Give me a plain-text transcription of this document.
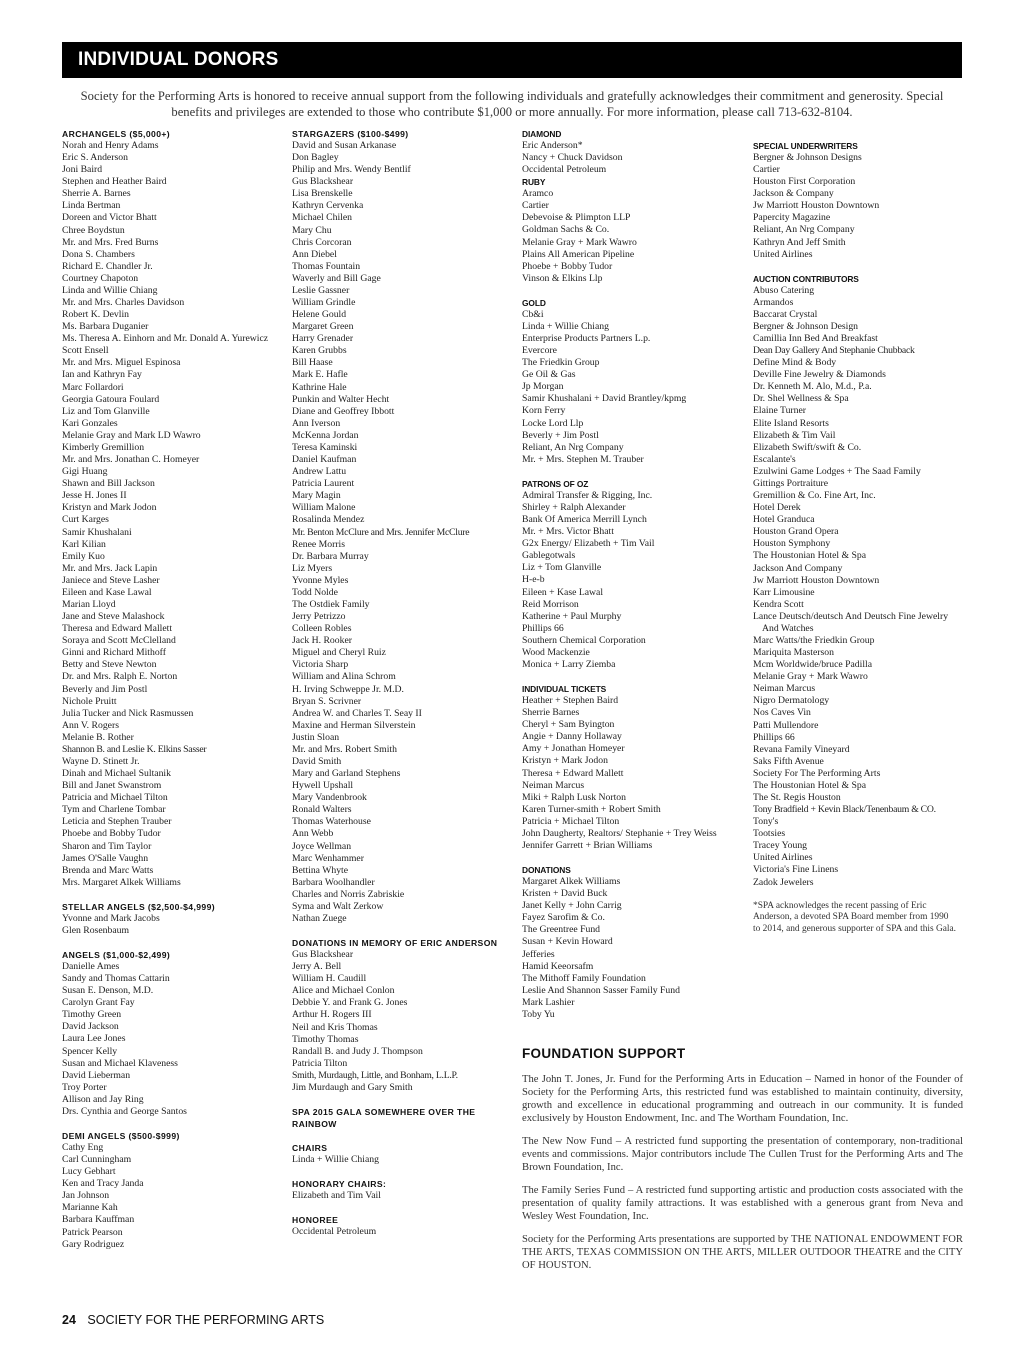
INDIVIDUAL DONORS
Society for the Performing Arts is honored to receive annual support from the following individuals and gratefully acknowledges their commitment and generosity. Special benefits and privileges are extended to those who contribute $1,000 or more annually. For more information, please call 713-632-8104.
ARCHANGELS ($5,000+)
Norah and Henry Adams
Eric S. Anderson
Joni Baird
Stephen and Heather Baird
Sherrie A. Barnes
Linda Bertman
Doreen and Victor Bhatt
Chree Boydstun
Mr. and Mrs. Fred Burns
Dona S. Chambers
Richard E. Chandler Jr.
Courtney Chapoton
Linda and Willie Chiang
Mr. and Mrs. Charles Davidson
Robert K. Devlin
Ms. Barbara Duganier
Ms. Theresa A. Einhorn and Mr. Donald A. Yurewicz
Scott Ensell
Mr. and Mrs. Miguel Espinosa
Ian and Kathryn Fay
Marc Follardori
Georgia Gatoura Foulard
Liz and Tom Glanville
Kari Gonzales
Melanie Gray and Mark LD Wawro
Kimberly Gremillion
Mr. and Mrs. Jonathan C. Homeyer
Gigi Huang
Shawn and Bill Jackson
Jesse H. Jones II
Kristyn and Mark Jodon
Curt Karges
Samir Khushalani
Karl Kilian
Emily Kuo
Mr. and Mrs. Jack Lapin
Janiece and Steve Lasher
Eileen and Kase Lawal
Marian Lloyd
Jane and Steve Malashock
Theresa and Edward Mallett
Soraya and Scott McClelland
Ginni and Richard Mithoff
Betty and Steve Newton
Dr. and Mrs. Ralph E. Norton
Beverly and Jim Postl
Nichole Pruitt
Julia Tucker and Nick Rasmussen
Ann V. Rogers
Melanie B. Rother
Shannon B. and Leslie K. Elkins Sasser
Wayne D. Stinett Jr.
Dinah and Michael Sultanik
Bill and Janet Swanstrom
Patricia and Michael Tilton
Tym and Charlene Tombar
Leticia and Stephen Trauber
Phoebe and Bobby Tudor
Sharon and Tim Taylor
James O'Salle Vaughn
Brenda and Marc Watts
Mrs. Margaret Alkek Williams
STELLAR ANGELS ($2,500-$4,999)
Yvonne and Mark Jacobs
Glen Rosenbaum
ANGELS ($1,000-$2,499)
Danielle Ames
Sandy and Thomas Cattarin
Susan E. Denson, M.D.
Carolyn Grant Fay
Timothy Green
David Jackson
Laura Lee Jones
Spencer Kelly
Susan and Michael Klaveness
David Lieberman
Troy Porter
Allison and Jay Ring
Drs. Cynthia and George Santos
DEMI ANGELS ($500-$999)
Cathy Eng
Carl Cunningham
Lucy Gebhart
Ken and Tracy Janda
Jan Johnson
Marianne Kah
Barbara Kauffman
Patrick Pearson
Gary Rodriguez
STARGAZERS ($100-$499)
David and Susan Arkanase
Don Bagley
Philip and Mrs. Wendy Bentlif
Gus Blackshear
Lisa Brenskelle
Kathryn Cervenka
Michael Chilen
Mary Chu
Chris Corcoran
Ann Diebel
Thomas Fountain
Waverly and Bill Gage
Leslie Gassner
William Grindle
Helene Gould
Margaret Green
Harry Grenader
Karen Grubbs
Bill Haase
Mark E. Hafle
Kathrine Hale
Punkin and Walter Hecht
Diane and Geoffrey Ibbott
Ann Iverson
McKenna Jordan
Teresa Kaminski
Daniel Kaufman
Andrew Lattu
Patricia Laurent
Mary Magin
William Malone
Rosalinda Mendez
Mr. Benton McClure and Mrs. Jennifer McClure
Renee Morris
Dr. Barbara Murray
Liz Myers
Yvonne Myles
Todd Nolde
The Ostdiek Family
Jerry Petrizzo
Colleen Robles
Jack H. Rooker
Miguel and Cheryl Ruiz
Victoria Sharp
William and Alina Schrom
H. Irving Schweppe Jr. M.D.
Bryan S. Scrivner
Andrea W. and Charles T. Seay II
Maxine and Herman Silverstein
Justin Sloan
Mr. and Mrs. Robert Smith
David Smith
Mary and Garland Stephens
Hywell Upshall
Mary Vandenbrook
Ronald Walters
Thomas Waterhouse
Ann Webb
Joyce Wellman
Marc Wenhammer
Bettina Whyte
Barbara Woolhandler
Charles and Norris Zabriskie
Syma and Walt Zerkow
Nathan Zuege
DONATIONS IN MEMORY OF ERIC ANDERSON
Gus Blackshear
Jerry A. Bell
William H. Caudill
Alice and Michael Conlon
Debbie Y. and Frank G. Jones
Arthur H. Rogers III
Neil and Kris Thomas
Timothy Thomas
Randall B. and Judy J. Thompson
Patricia Tilton
Smith, Murdaugh, Little, and Bonham, L.L.P.
Jim Murdaugh and Gary Smith
SPA 2015 GALA SOMEWHERE OVER THE RAINBOW
CHAIRS
Linda + Willie Chiang
HONORARY CHAIRS:
Elizabeth and Tim Vail
HONOREE
Occidental Petroleum
DIAMOND
Eric Anderson*
Nancy + Chuck Davidson
Occidental Petroleum
RUBY
Aramco
Cartier
Debevoise & Plimpton LLP
Goldman Sachs & Co.
Melanie Gray + Mark Wawro
Plains All American Pipeline
Phoebe + Bobby Tudor
Vinson & Elkins Llp
GOLD
Cb&i
Linda + Willie Chiang
Enterprise Products Partners L.p.
Evercore
The Friedkin Group
Ge Oil & Gas
Jp Morgan
Samir Khushalani + David Brantley/kpmg
Korn Ferry
Locke Lord Llp
Beverly + Jim Postl
Reliant, An Nrg Company
Mr. + Mrs. Stephen M. Trauber
PATRONS OF OZ
Admiral Transfer & Rigging, Inc.
Shirley + Ralph Alexander
Bank Of America Merrill Lynch
Mr. + Mrs. Victor Bhatt
G2x Energy/ Elizabeth + Tim Vail
Gablegotwals
Liz + Tom Glanville
H-e-b
Eileen + Kase Lawal
Reid Morrison
Katherine + Paul Murphy
Phillips 66
Southern Chemical Corporation
Wood Mackenzie
Monica + Larry Ziemba
INDIVIDUAL TICKETS
Heather + Stephen Baird
Sherrie Barnes
Cheryl + Sam Byington
Angie + Danny Hollaway
Amy + Jonathan Homeyer
Kristyn + Mark Jodon
Theresa + Edward Mallett
Neiman Marcus
Miki + Ralph Lusk Norton
Karen Turner-smith + Robert Smith
Patricia + Michael Tilton
John Daugherty, Realtors/ Stephanie + Trey Weiss
Jennifer Garrett + Brian Williams
DONATIONS
Margaret Alkek Williams
Kristen + David Buck
Janet Kelly + John Carrig
Fayez Sarofim & Co.
The Greentree Fund
Susan + Kevin Howard
Jefferies
Hamid Keeorsafm
The Mithoff Family Foundation
Leslie And Shannon Sasser Family Fund
Mark Lashier
Toby Yu
SPECIAL UNDERWRITERS
Bergner & Johnson Designs
Cartier
Houston First Corporation
Jackson & Company
Jw Marriott Houston Downtown
Papercity Magazine
Reliant, An Nrg Company
Kathryn And Jeff Smith
United Airlines
AUCTION CONTRIBUTORS
Abuso Catering
Armandos
Baccarat Crystal
Bergner & Johnson Design
Camillia Inn Bed And Breakfast
Dean Day Gallery And Stephanie Chubback
Define Mind & Body
Deville Fine Jewelry & Diamonds
Dr. Kenneth M. Alo, M.d., P.a.
Dr. Shel Wellness & Spa
Elaine Turner
Elite Island Resorts
Elizabeth & Tim Vail
Elizabeth Swift/swift & Co.
Escalante's
Ezulwini Game Lodges + The Saad Family
Gittings Portraiture
Gremillion & Co. Fine Art, Inc.
Hotel Derek
Hotel Granduca
Houston Grand Opera
Houston Symphony
The Houstonian Hotel & Spa
Jackson And Company
Jw Marriott Houston Downtown
Karr Limousine
Kendra Scott
Lance Deutsch/deutsch And Deutsch Fine Jewelry And Watches
Marc Watts/the Friedkin Group
Mariquita Masterson
Mcm Worldwide/bruce Padilla
Melanie Gray + Mark Wawro
Neiman Marcus
Nigro Dermatology
Nos Caves Vin
Patti Mullendore
Phillips 66
Revana Family Vineyard
Saks Fifth Avenue
Society For The Performing Arts
The Houstonian Hotel & Spa
The St. Regis Houston
Tony Bradfield + Kevin Black/Tenenbaum & CO.
Tony's
Tootsies
Tracey Young
United Airlines
Victoria's Fine Linens
Zadok Jewelers
*SPA acknowledges the recent passing of Eric Anderson, a devoted SPA Board member from 1990 to 2014, and generous supporter of SPA and this Gala.
FOUNDATION SUPPORT

The John T. Jones, Jr. Fund for the Performing Arts in Education – Named in honor of the Founder of Society for the Performing Arts, this restricted fund was established to maintain continuity, diversity, growth and excellence in educational programming and outreach in our community. It is funded exclusively by Houston Endowment, Inc. and The Wortham Foundation, Inc.

The New Now Fund – A restricted fund supporting the presentation of contemporary, non-traditional events and commissions. Major contributors include The Cullen Trust for the Performing Arts and The Brown Foundation, Inc.

The Family Series Fund – A restricted fund supporting artistic and production costs associated with the presentation of quality family attractions. It was established with a generous grant from Neva and Wesley West Foundation, Inc.

Society for the Performing Arts presentations are supported by THE NATIONAL ENDOWMENT FOR THE ARTS, TEXAS COMMISSION ON THE ARTS, MILLER OUTDOOR THEATRE and the CITY OF HOUSTON.

24 SOCIETY FOR THE PERFORMING ARTS
